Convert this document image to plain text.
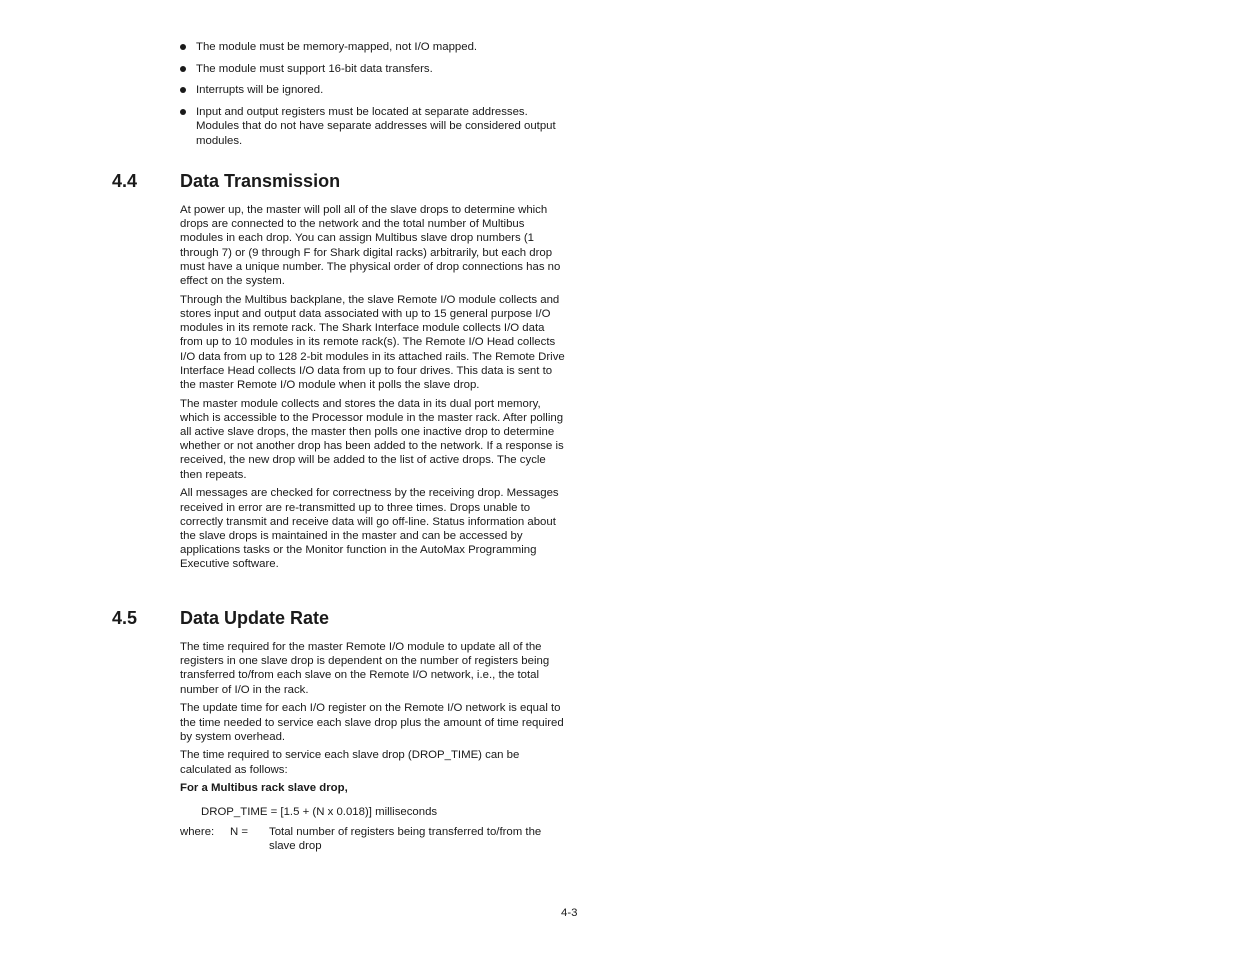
The module must be memory-mapped, not I/O mapped.
The module must support 16-bit data transfers.
Interrupts will be ignored.
Input and output registers must be located at separate addresses. Modules that do not have separate addresses will be considered output modules.
4.4 Data Transmission

At power up, the master will poll all of the slave drops to determine which drops are connected to the network and the total number of Multibus modules in each drop. You can assign Multibus slave drop numbers (1 through 7) or (9 through F for Shark digital racks) arbitrarily, but each drop must have a unique number. The physical order of drop connections has no effect on the system.

Through the Multibus backplane, the slave Remote I/O module collects and stores input and output data associated with up to 15 general purpose I/O modules in its remote rack. The Shark Interface module collects I/O data from up to 10 modules in its remote rack(s). The Remote I/O Head collects I/O data from up to 128 2-bit modules in its attached rails. The Remote Drive Interface Head collects I/O data from up to four drives. This data is sent to the master Remote I/O module when it polls the slave drop.

The master module collects and stores the data in its dual port memory, which is accessible to the Processor module in the master rack. After polling all active slave drops, the master then polls one inactive drop to determine whether or not another drop has been added to the network. If a response is received, the new drop will be added to the list of active drops. The cycle then repeats.

All messages are checked for correctness by the receiving drop. Messages received in error are re-transmitted up to three times. Drops unable to correctly transmit and receive data will go off-line. Status information about the slave drops is maintained in the master and can be accessed by applications tasks or the Monitor function in the AutoMax Programming Executive software.

4.5 Data Update Rate

The time required for the master Remote I/O module to update all of the registers in one slave drop is dependent on the number of registers being transferred to/from each slave on the Remote I/O network, i.e., the total number of I/O in the rack.

The update time for each I/O register on the Remote I/O network is equal to the time needed to service each slave drop plus the amount of time required by system overhead.

The time required to service each slave drop (DROP_TIME) can be calculated as follows:

For a Multibus rack slave drop,

DROP_TIME = [1.5 + (N x 0.018)] milliseconds
where: N = Total number of registers being transferred to/from the slave drop
4-3
